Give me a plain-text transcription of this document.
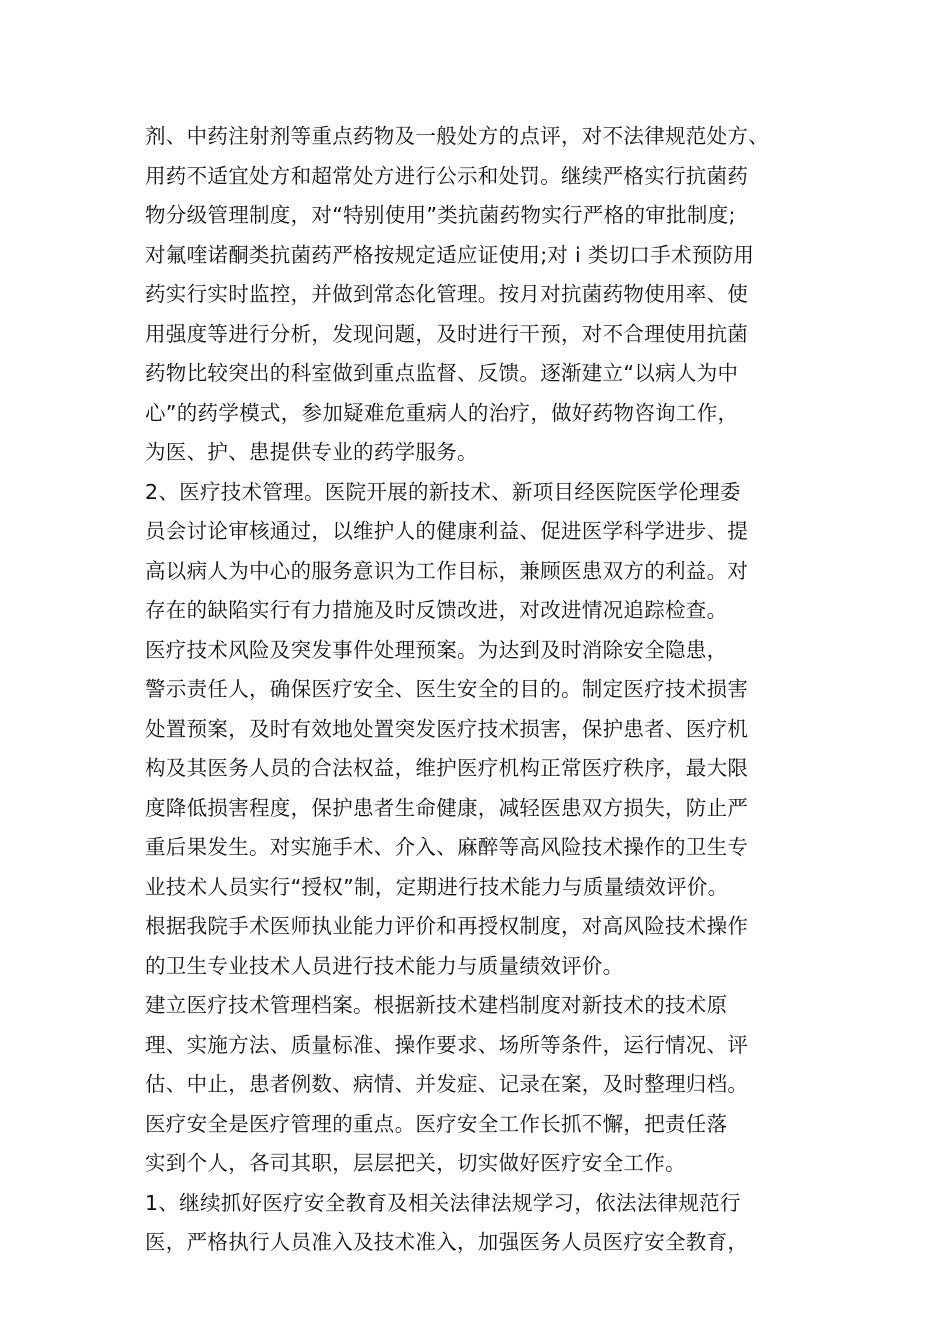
剂、中药注射剂等重点药物及一般处方的点评，对不法律规范处方、
用药不适宜处方和超常处方进行公示和处罚。继续严格实行抗菌药
物分级管理制度，对“特别使用”类抗菌药物实行严格的审批制度;
对氟喹诺酮类抗菌药严格按规定适应证使用;对 i 类切口手术预防用
药实行实时监控，并做到常态化管理。按月对抗菌药物使用率、使
用强度等进行分析，发现问题，及时进行干预，对不合理使用抗菌
药物比较突出的科室做到重点监督、反馈。逐渐建立“以病人为中
心”的药学模式，参加疑难危重病人的治疗，做好药物咨询工作，
为医、护、患提供专业的药学服务。
2、医疗技术管理。医院开展的新技术、新项目经医院医学伦理委
员会讨论审核通过，以维护人的健康利益、促进医学科学进步、提
高以病人为中心的服务意识为工作目标，兼顾医患双方的利益。对
存在的缺陷实行有力措施及时反馈改进，对改进情况追踪检查。
医疗技术风险及突发事件处理预案。为达到及时消除安全隐患，
警示责任人，确保医疗安全、医生安全的目的。制定医疗技术损害
处置预案，及时有效地处置突发医疗技术损害，保护患者、医疗机
构及其医务人员的合法权益，维护医疗机构正常医疗秩序，最大限
度降低损害程度，保护患者生命健康，减轻医患双方损失，防止严
重后果发生。对实施手术、介入、麻醉等高风险技术操作的卫生专
业技术人员实行“授权”制，定期进行技术能力与质量绩效评价。
根据我院手术医师执业能力评价和再授权制度，对高风险技术操作
的卫生专业技术人员进行技术能力与质量绩效评价。
建立医疗技术管理档案。根据新技术建档制度对新技术的技术原
理、实施方法、质量标准、操作要求、场所等条件，运行情况、评
估、中止，患者例数、病情、并发症、记录在案，及时整理归档。
医疗安全是医疗管理的重点。医疗安全工作长抓不懈，把责任落
实到个人，各司其职，层层把关，切实做好医疗安全工作。
1、继续抓好医疗安全教育及相关法律法规学习，依法法律规范行
医，严格执行人员准入及技术准入，加强医务人员医疗安全教育，
